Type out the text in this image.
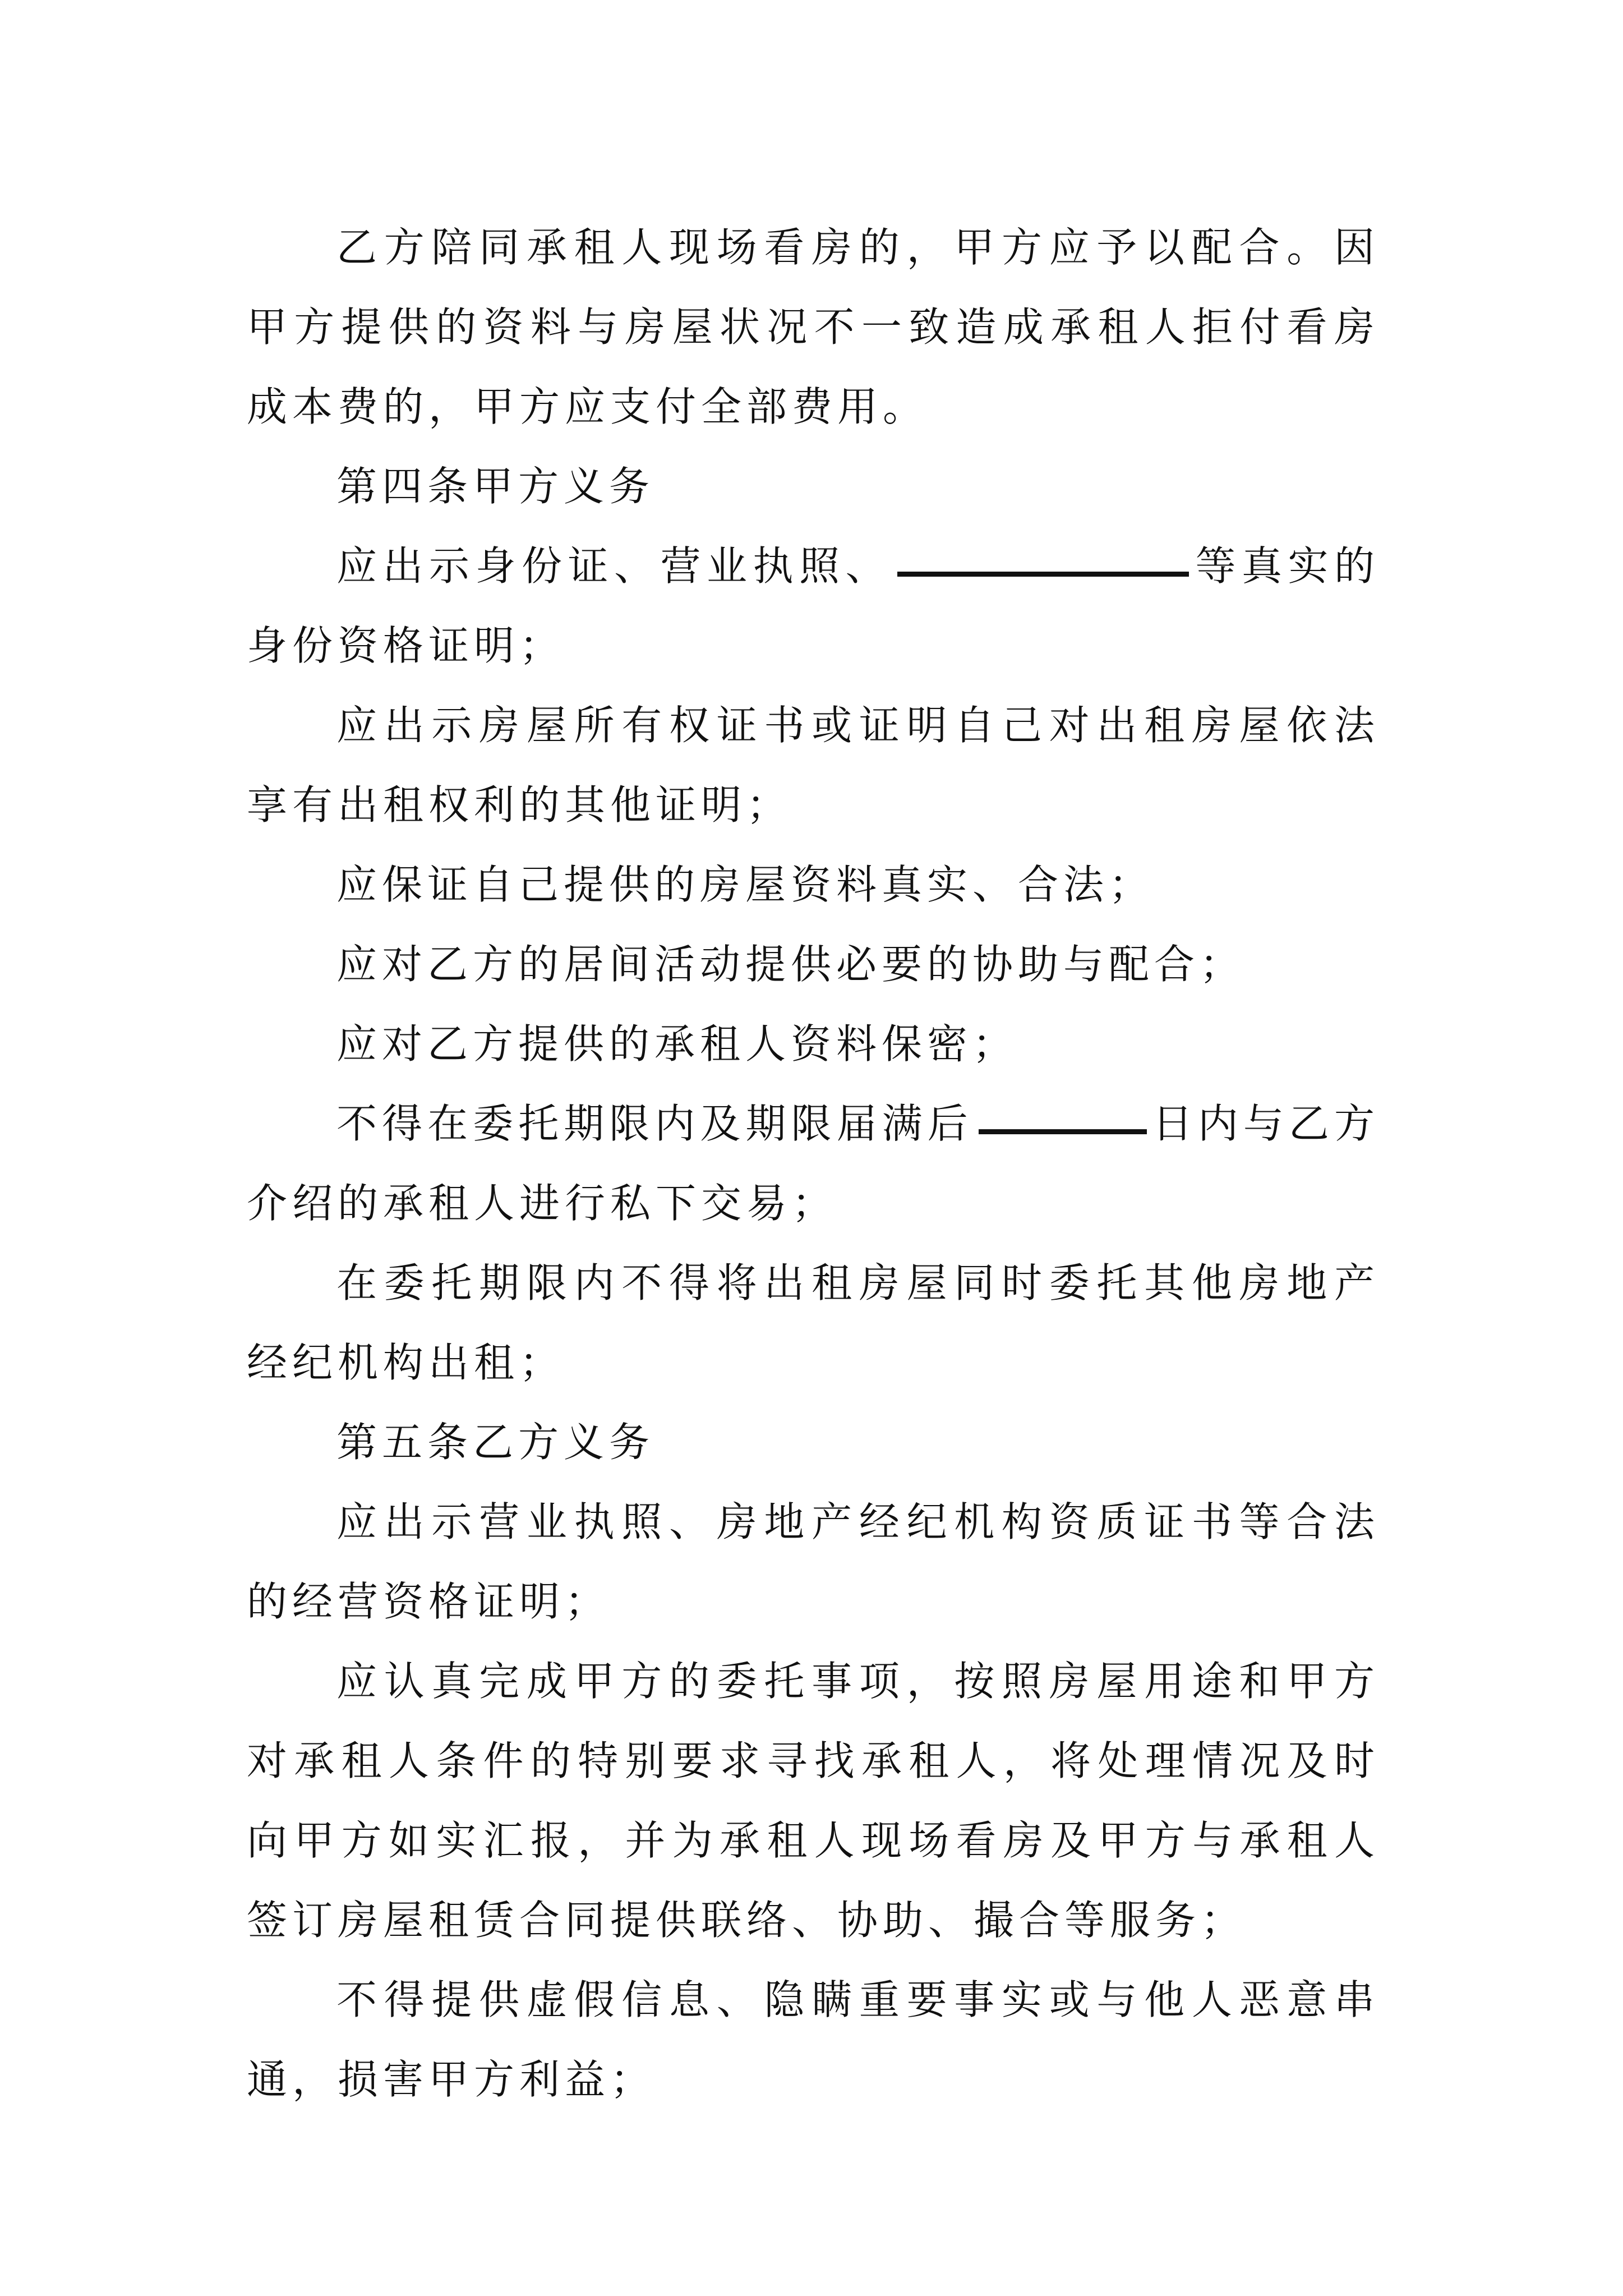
乙方陪同承租人现场看房的，甲方应予以配合。因甲方提供的资料与房屋状况不一致造成承租人拒付看房成本费的，甲方应支付全部费用。

第四条甲方义务

应出示身份证、营业执照、	等真实的身份资格证明；

应出示房屋所有权证书或证明自己对出租房屋依法享有出租权利的其他证明；

应保证自己提供的房屋资料真实、合法；

应对乙方的居间活动提供必要的协助与配合；

应对乙方提供的承租人资料保密；

不得在委托期限内及期限届满后	日内与乙方介绍的承租人进行私下交易；

在委托期限内不得将出租房屋同时委托其他房地产经纪机构出租；

第五条乙方义务

应出示营业执照、房地产经纪机构资质证书等合法的经营资格证明；

应认真完成甲方的委托事项，按照房屋用途和甲方对承租人条件的特别要求寻找承租人，将处理情况及时向甲方如实汇报，并为承租人现场看房及甲方与承租人签订房屋租赁合同提供联络、协助、撮合等服务；

不得提供虚假信息、隐瞒重要事实或与他人恶意串通，损害甲方利益；
